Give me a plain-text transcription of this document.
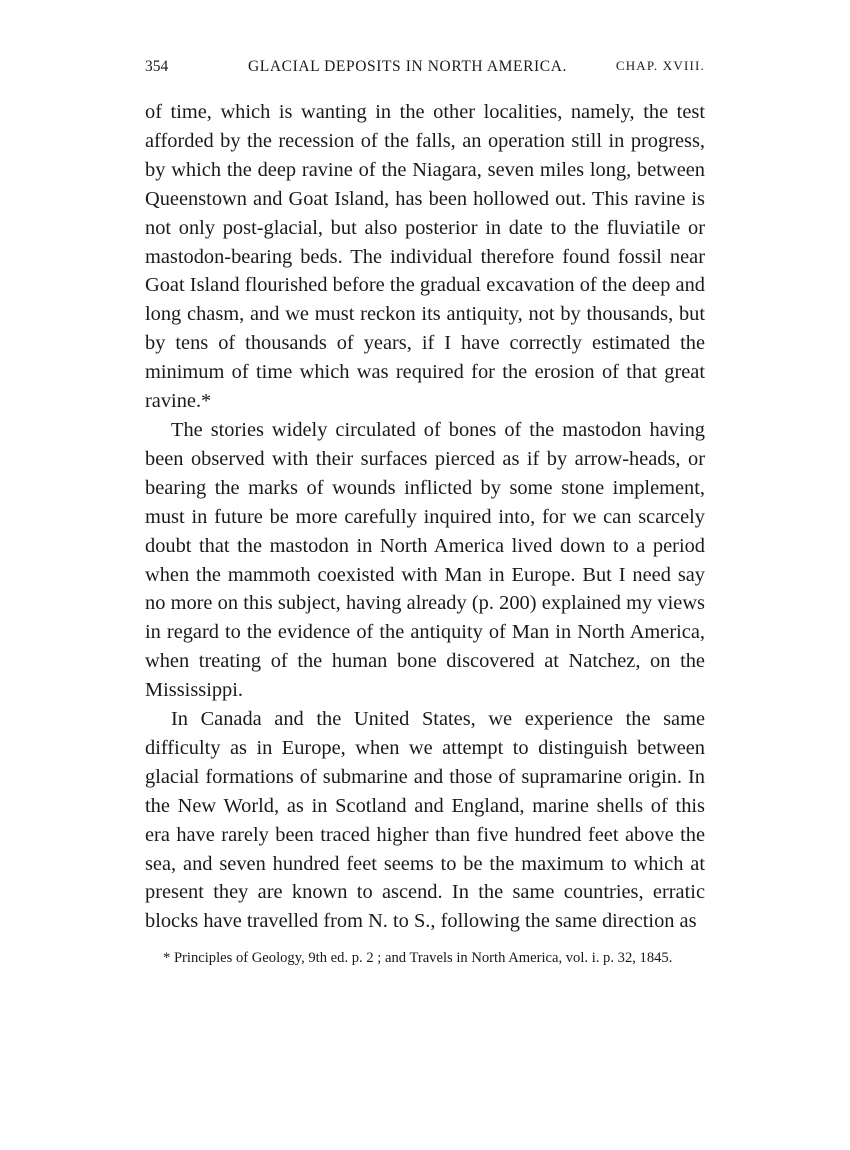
354	GLACIAL DEPOSITS IN NORTH AMERICA.	CHAP. XVIII.

of time, which is wanting in the other localities, namely, the test afforded by the recession of the falls, an operation still in progress, by which the deep ravine of the Niagara, seven miles long, between Queenstown and Goat Island, has been hollowed out. This ravine is not only post-glacial, but also posterior in date to the fluviatile or mastodon-bearing beds. The individual therefore found fossil near Goat Island flourished before the gradual excavation of the deep and long chasm, and we must reckon its antiquity, not by thousands, but by tens of thousands of years, if I have correctly estimated the minimum of time which was required for the erosion of that great ravine.*

The stories widely circulated of bones of the mastodon having been observed with their surfaces pierced as if by arrow-heads, or bearing the marks of wounds inflicted by some stone implement, must in future be more carefully inquired into, for we can scarcely doubt that the mastodon in North America lived down to a period when the mammoth coexisted with Man in Europe. But I need say no more on this subject, having already (p. 200) explained my views in regard to the evidence of the antiquity of Man in North America, when treating of the human bone discovered at Natchez, on the Mississippi.

In Canada and the United States, we experience the same difficulty as in Europe, when we attempt to distinguish between glacial formations of submarine and those of supramarine origin. In the New World, as in Scotland and England, marine shells of this era have rarely been traced higher than five hundred feet above the sea, and seven hundred feet seems to be the maximum to which at present they are known to ascend. In the same countries, erratic blocks have travelled from N. to S., following the same direction as

* Principles of Geology, 9th ed. p. 2 ; and Travels in North America, vol. i. p. 32, 1845.
